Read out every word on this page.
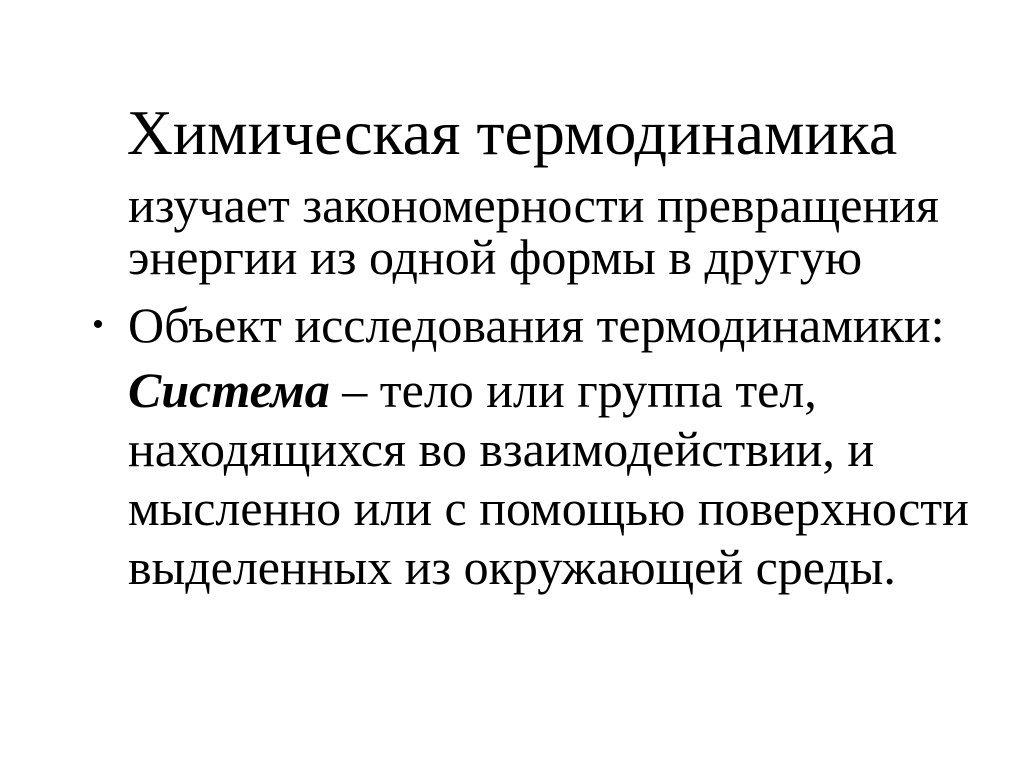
Химическая термодинамика

изучает закономерности превращения
энергии из одной формы в другую

• Объект исследования термодинамики:

Система – тело или группа тел,
находящихся во взаимодействии, и
мысленно или с помощью поверхности
выделенных из окружающей среды.
